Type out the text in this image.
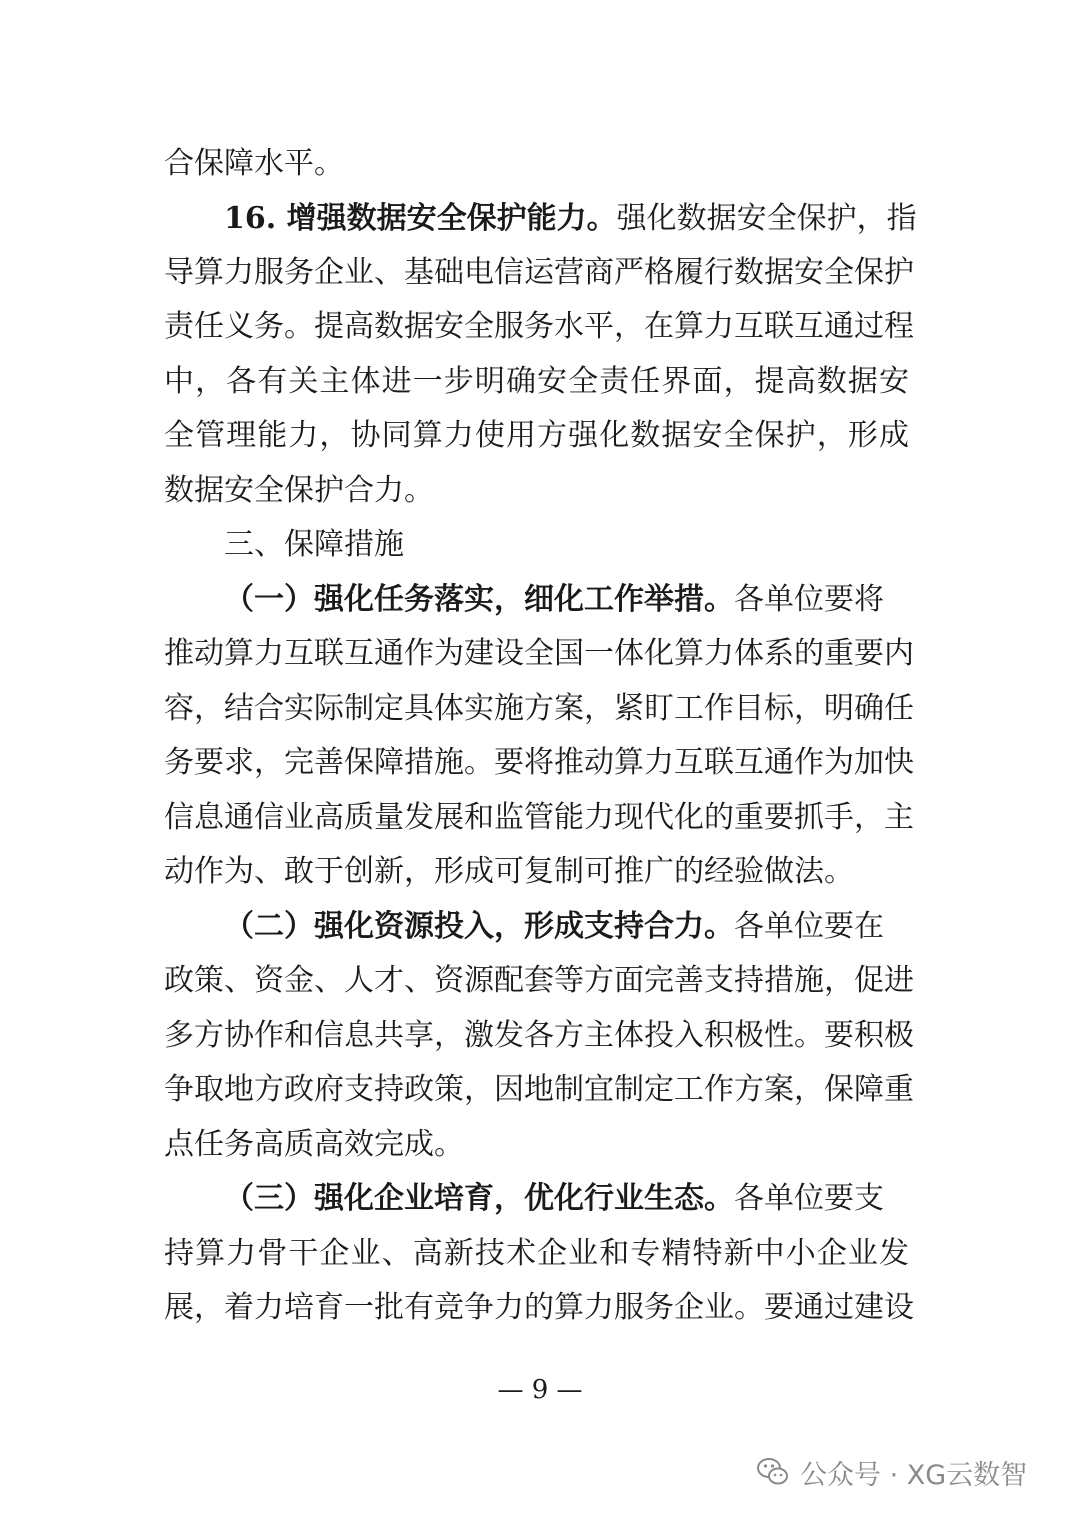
合保障水平。
16. 增强数据安全保护能力。强化数据安全保护，指
导算力服务企业、基础电信运营商严格履行数据安全保护
责任义务。提高数据安全服务水平，在算力互联互通过程
中，各有关主体进一步明确安全责任界面，提高数据安
全管理能力，协同算力使用方强化数据安全保护，形成
数据安全保护合力。
三、保障措施
（一）强化任务落实，细化工作举措。各单位要将
推动算力互联互通作为建设全国一体化算力体系的重要内
容，结合实际制定具体实施方案，紧盯工作目标，明确任
务要求，完善保障措施。要将推动算力互联互通作为加快
信息通信业高质量发展和监管能力现代化的重要抓手，主
动作为、敢于创新，形成可复制可推广的经验做法。
（二）强化资源投入，形成支持合力。各单位要在
政策、资金、人才、资源配套等方面完善支持措施，促进
多方协作和信息共享，激发各方主体投入积极性。要积极
争取地方政府支持政策，因地制宜制定工作方案，保障重
点任务高质高效完成。
（三）强化企业培育，优化行业生态。各单位要支
持算力骨干企业、高新技术企业和专精特新中小企业发
展，着力培育一批有竞争力的算力服务企业。要通过建设
— 9 —
公众号 · XG云数智
